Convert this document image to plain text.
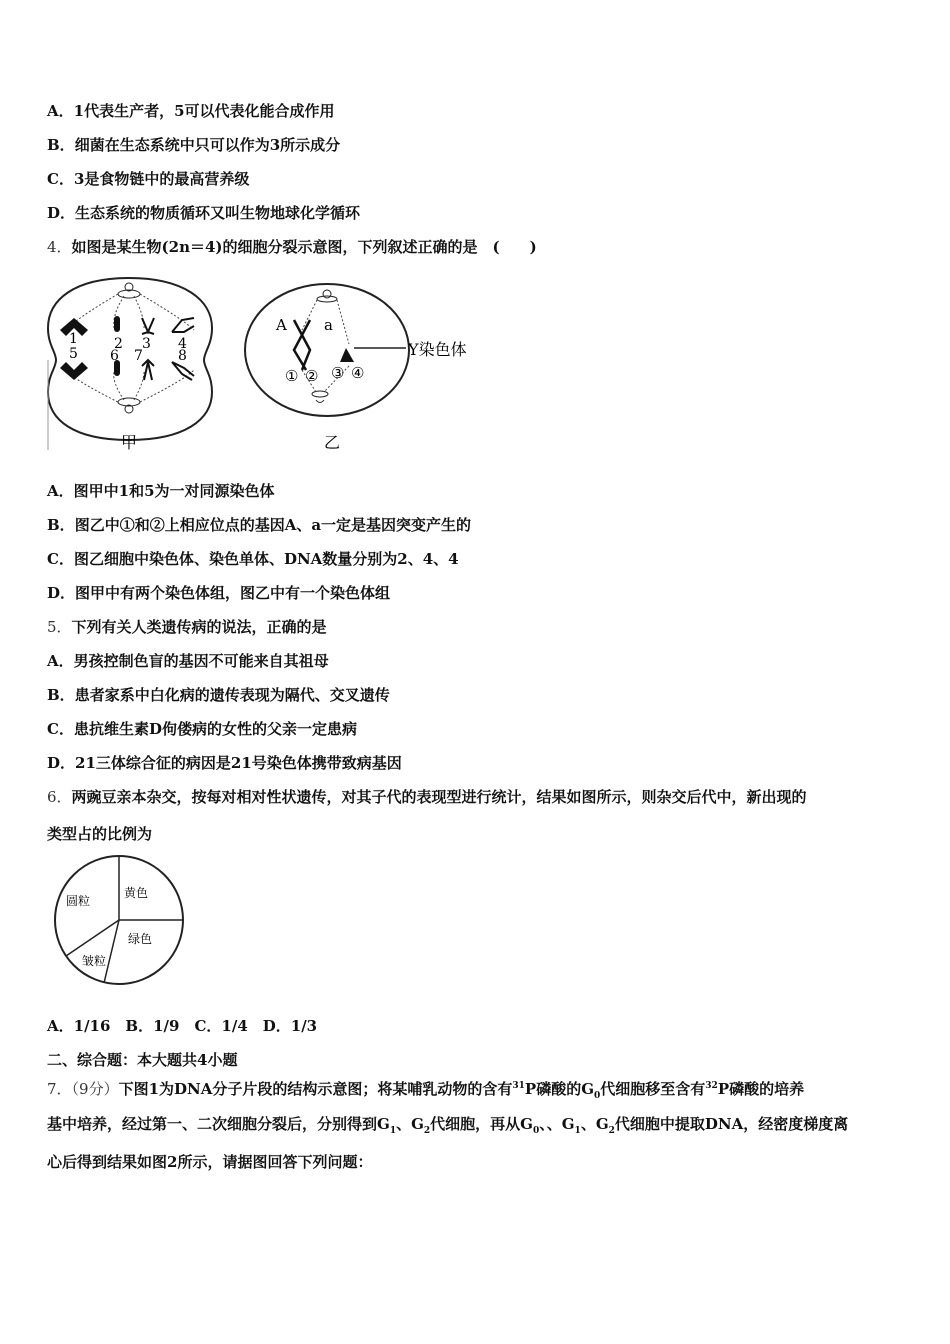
A．1代表生产者，5可以代表化能合成作用
B．细菌在生态系统中只可以作为3所示成分
C．3是食物链中的最高营养级
D．生态系统的物质循环又叫生物地球化学循环
4．如图是某生物(2n＝4)的细胞分裂示意图，下列叙述正确的是　(　　)
1
5
2
6
3
7
4
8
甲
A a
① ② ③ ④
Y染色体
乙
A．图甲中1和5为一对同源染色体
B．图乙中①和②上相应位点的基因A、a一定是基因突变产生的
C．图乙细胞中染色体、染色单体、DNA数量分别为2、4、4
D．图甲中有两个染色体组，图乙中有一个染色体组
5．下列有关人类遗传病的说法，正确的是
A．男孩控制色盲的基因不可能来自其祖母
B．患者家系中白化病的遗传表现为隔代、交叉遗传
C．患抗维生素D佝偻病的女性的父亲一定患病
D．21三体综合征的病因是21号染色体携带致病基因
6．两豌豆亲本杂交，按每对相对性状遗传，对其子代的表现型进行统计，结果如图所示，则杂交后代中，新出现的
类型占的比例为
圆粒
黄色
绿色
皱粒
A．1/16　B．1/9　C．1/4　D．1/3
二、综合题：本大题共4小题
7．（9分）下图1为DNA分子片段的结构示意图；将某哺乳动物的含有$^{31}$P磷酸的$G_0$代细胞移至含有$^{32}$P磷酸的培养
基中培养，经过第一、二次细胞分裂后，分别得到$G_1$、$G_2$代细胞，再从$G_0$、、$G_1$、$G_2$代细胞中提取DNA，经密度梯度离
心后得到结果如图2所示，请据图回答下列问题：
